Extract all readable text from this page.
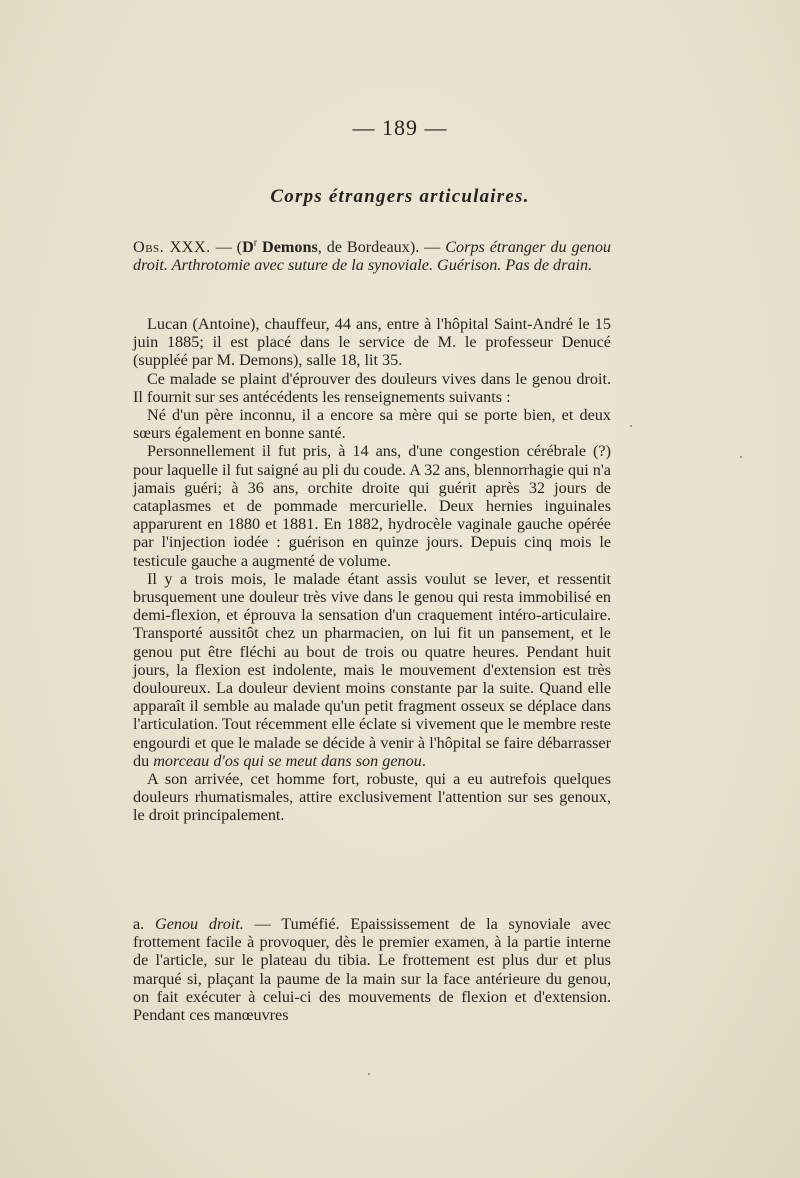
— 189 —
Corps étrangers articulaires.

Obs. XXX. — ($D^r$ Demons, de Bordeaux). — Corps étranger du genou droit. Arthrotomie avec suture de la synoviale. Guérison. Pas de drain.

Lucan (Antoine), chauffeur, 44 ans, entre à l'hôpital Saint-André le 15 juin 1885; il est placé dans le service de M. le professeur Denucé (suppléé par M. Demons), salle 18, lit 35.

Ce malade se plaint d'éprouver des douleurs vives dans le genou droit. Il fournit sur ses antécédents les renseignements suivants :

Né d'un père inconnu, il a encore sa mère qui se porte bien, et deux sœurs également en bonne santé.

Personnellement il fut pris, à 14 ans, d'une congestion cérébrale (?) pour laquelle il fut saigné au pli du coude. A 32 ans, blennorrhagie qui n'a jamais guéri; à 36 ans, orchite droite qui guérit après 32 jours de cataplasmes et de pommade mercurielle. Deux hernies inguinales apparurent en 1880 et 1881. En 1882, hydrocèle vaginale gauche opérée par l'injection iodée : guérison en quinze jours. Depuis cinq mois le testicule gauche a augmenté de volume.

Il y a trois mois, le malade étant assis voulut se lever, et ressentit brusquement une douleur très vive dans le genou qui resta immobilisé en demi-flexion, et éprouva la sensation d'un craquement intéro-articulaire. Transporté aussitôt chez un pharmacien, on lui fit un pansement, et le genou put être fléchi au bout de trois ou quatre heures. Pendant huit jours, la flexion est indolente, mais le mouvement d'extension est très douloureux. La douleur devient moins constante par la suite. Quand elle apparaît il semble au malade qu'un petit fragment osseux se déplace dans l'articulation. Tout récemment elle éclate si vivement que le membre reste engourdi et que le malade se décide à venir à l'hôpital se faire débarrasser du morceau d'os qui se meut dans son genou.

A son arrivée, cet homme fort, robuste, qui a eu autrefois quelques douleurs rhumatismales, attire exclusivement l'attention sur ses genoux, le droit principalement.

a. Genou droit. — Tuméfié. Epaississement de la synoviale avec frottement facile à provoquer, dès le premier examen, à la partie interne de l'article, sur le plateau du tibia. Le frottement est plus dur et plus marqué si, plaçant la paume de la main sur la face antérieure du genou, on fait exécuter à celui-ci des mouvements de flexion et d'extension. Pendant ces manœuvres
